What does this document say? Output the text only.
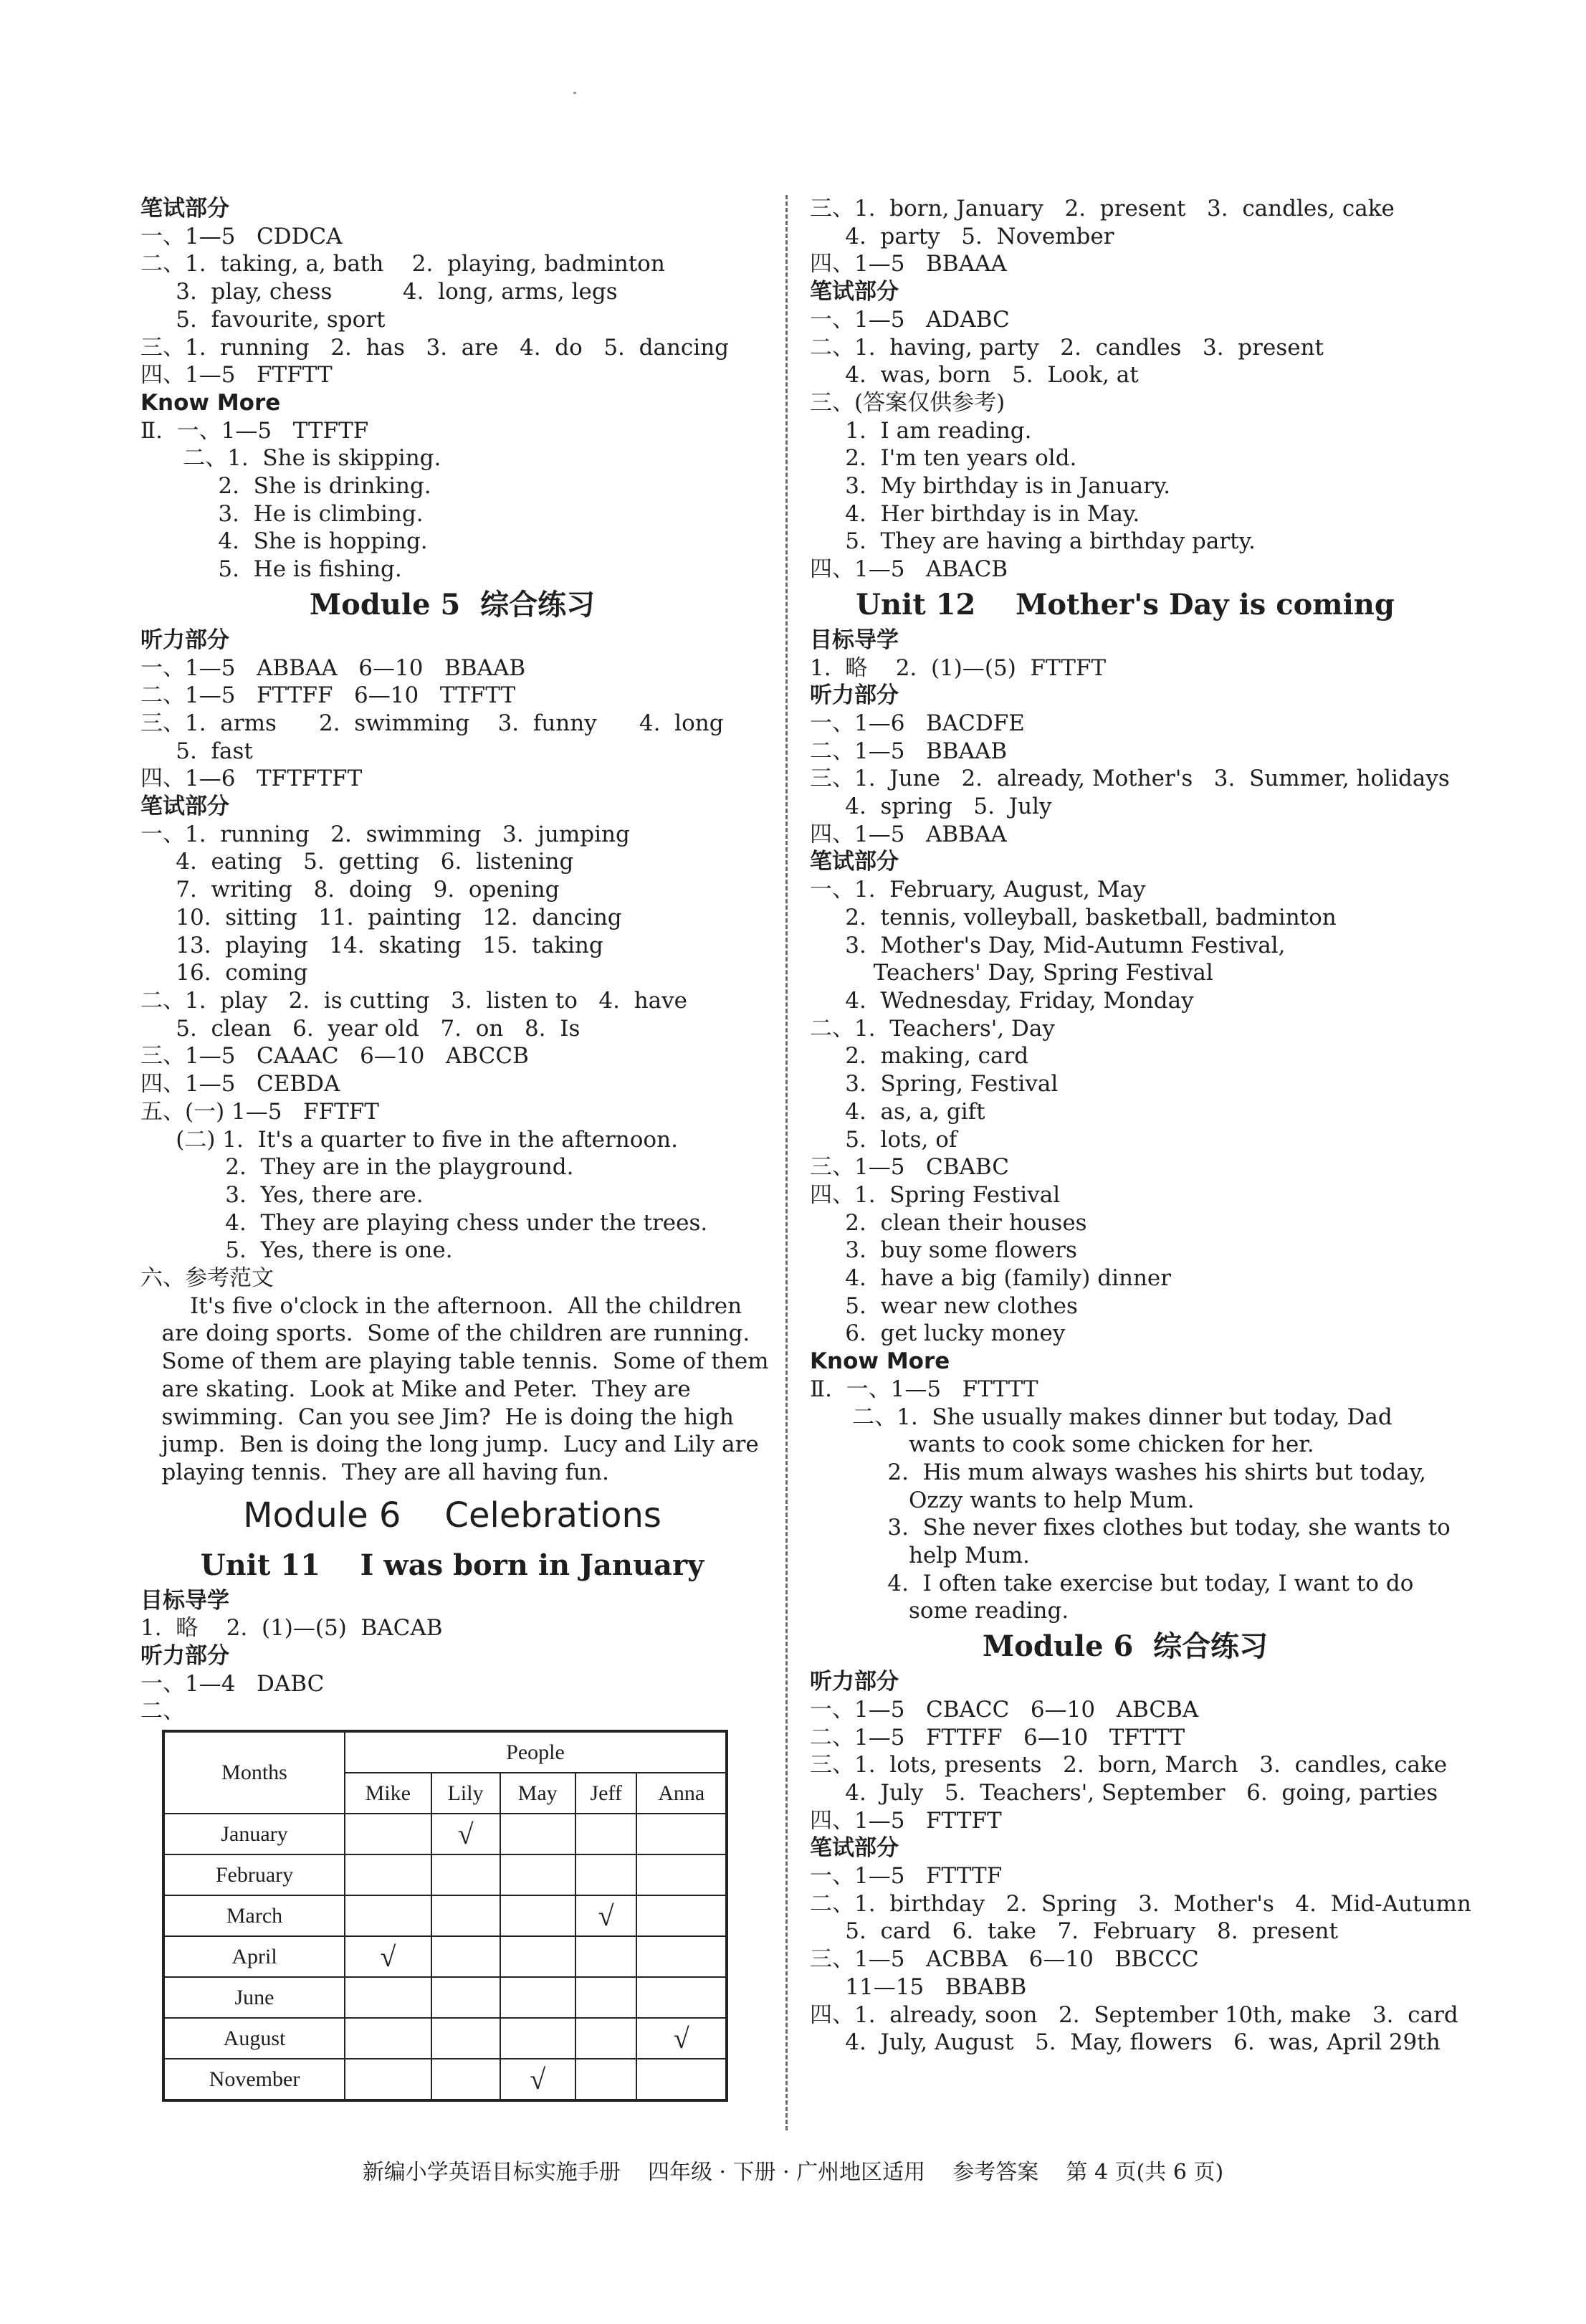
笔试部分
一、1—5   CDDCA
二、1.  taking, a, bath    2.  playing, badminton
3.  play, chess          4.  long, arms, legs
5.  favourite, sport
三、1.  running   2.  has   3.  are   4.  do   5.  dancing
四、1—5   FTFTT
Know More
Ⅱ.  一、1—5   TTFTF
二、1.  She is skipping.
2.  She is drinking.
3.  He is climbing.
4.  She is hopping.
5.  He is fishing.
Module 5  综合练习
听力部分
一、1—5   ABBAA   6—10   BBAAB
二、1—5   FTTFF   6—10   TTFTT
三、1.  arms      2.  swimming    3.  funny      4.  long
5.  fast
四、1—6   TFTFTFT
笔试部分
一、1.  running   2.  swimming   3.  jumping
4.  eating   5.  getting   6.  listening
7.  writing   8.  doing   9.  opening
10.  sitting   11.  painting   12.  dancing
13.  playing   14.  skating   15.  taking
16.  coming
二、1.  play   2.  is cutting   3.  listen to   4.  have
5.  clean   6.  year old   7.  on   8.  Is
三、1—5   CAAAC   6—10   ABCCB
四、1—5   CEBDA
五、(一) 1—5   FFTFT
(二) 1.  It's a quarter to five in the afternoon.
2.  They are in the playground.
3.  Yes, there are.
4.  They are playing chess under the trees.
5.  Yes, there is one.
六、参考范文
It's five o'clock in the afternoon.  All the children
are doing sports.  Some of the children are running.
Some of them are playing table tennis.  Some of them
are skating.  Look at Mike and Peter.  They are
swimming.  Can you see Jim?  He is doing the high
jump.  Ben is doing the long jump.  Lucy and Lily are
playing tennis.  They are all having fun.
Module 6    Celebrations
Unit 11    I was born in January
目标导学
1.  略    2.  (1)—(5)  BACAB
听力部分
一、1—4   DABC
二、
Months	People				
	Mike	Lily	May	Jeff	Anna
January		√			
February					
March				√	
April	√				
June					
August					√
November			√		
三、1.  born, January   2.  present   3.  candles, cake
4.  party   5.  November
四、1—5   BBAAA
笔试部分
一、1—5   ADABC
二、1.  having, party   2.  candles   3.  present
4.  was, born   5.  Look, at
三、(答案仅供参考)
1.  I am reading.
2.  I'm ten years old.
3.  My birthday is in January.
4.  Her birthday is in May.
5.  They are having a birthday party.
四、1—5   ABACB
Unit 12    Mother's Day is coming
目标导学
1.  略    2.  (1)—(5)  FTTFT
听力部分
一、1—6   BACDFE
二、1—5   BBAAB
三、1.  June   2.  already, Mother's   3.  Summer, holidays
4.  spring   5.  July
四、1—5   ABBAA
笔试部分
一、1.  February, August, May
2.  tennis, volleyball, basketball, badminton
3.  Mother's Day, Mid-Autumn Festival,
Teachers' Day, Spring Festival
4.  Wednesday, Friday, Monday
二、1.  Teachers', Day
2.  making, card
3.  Spring, Festival
4.  as, a, gift
5.  lots, of
三、1—5   CBABC
四、1.  Spring Festival
2.  clean their houses
3.  buy some flowers
4.  have a big (family) dinner
5.  wear new clothes
6.  get lucky money
Know More
Ⅱ.  一、1—5   FTTTT
二、1.  She usually makes dinner but today, Dad
wants to cook some chicken for her.
2.  His mum always washes his shirts but today,
Ozzy wants to help Mum.
3.  She never fixes clothes but today, she wants to
help Mum.
4.  I often take exercise but today, I want to do
some reading.
Module 6  综合练习
听力部分
一、1—5   CBACC   6—10   ABCBA
二、1—5   FTTFF   6—10   TFTTT
三、1.  lots, presents   2.  born, March   3.  candles, cake
4.  July   5.  Teachers', September   6.  going, parties
四、1—5   FTTFT
笔试部分
一、1—5   FTTTF
二、1.  birthday   2.  Spring   3.  Mother's   4.  Mid-Autumn
5.  card   6.  take   7.  February   8.  present
三、1—5   ACBBA   6—10   BBCCC
11—15   BBABB
四、1.  already, soon   2.  September 10th, make   3.  card
4.  July, August   5.  May, flowers   6.  was, April 29th
新编小学英语目标实施手册    四年级 · 下册 · 广州地区适用    参考答案    第 4 页(共 6 页)
